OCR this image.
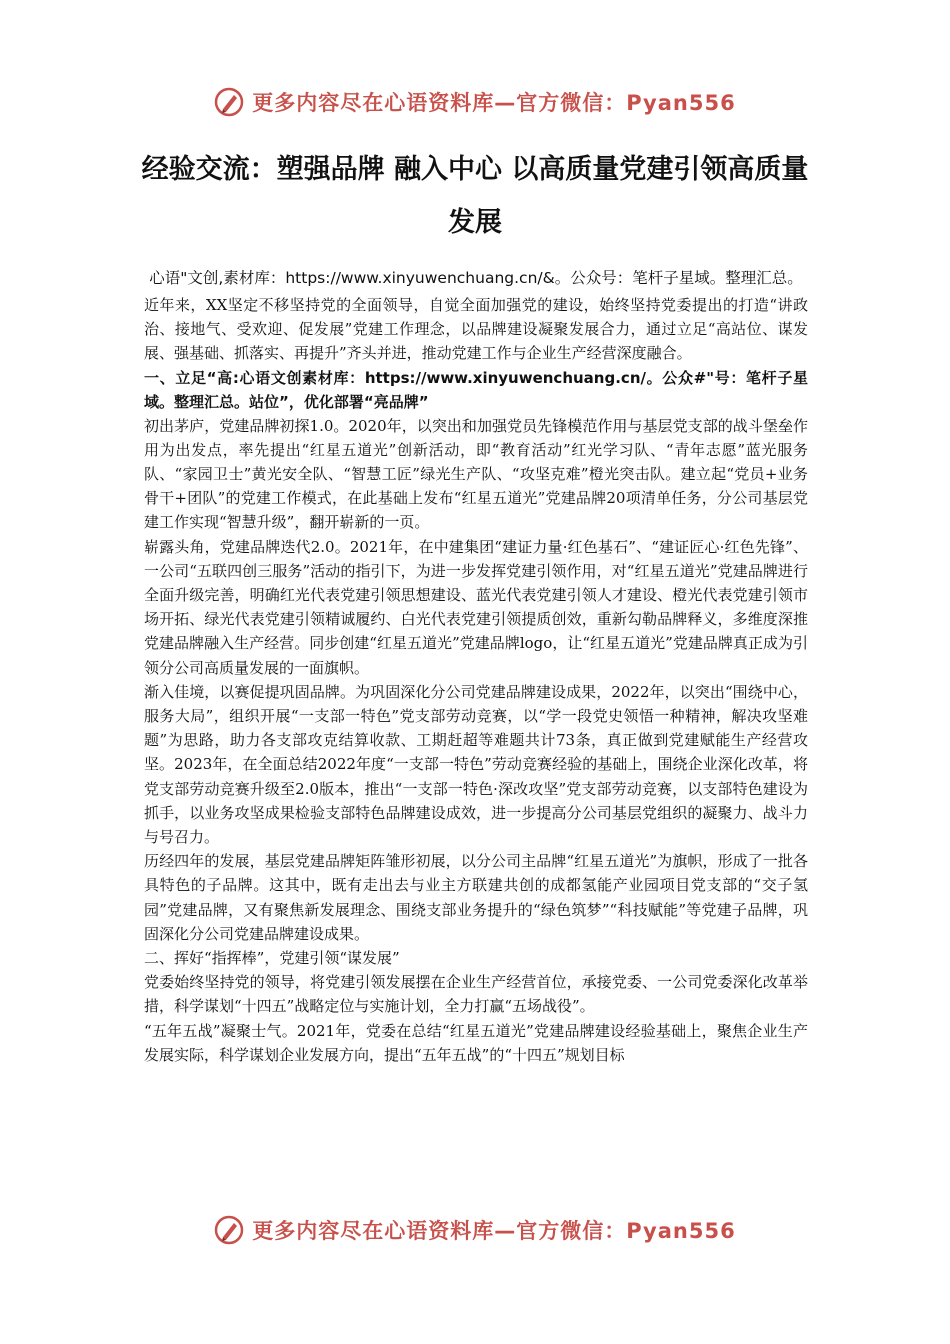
更多内容尽在心语资料库—官方微信：Pyan556
经验交流：塑强品牌 融入中心 以高质量党建引领高质量发展

心语"文创,素材库：https://www.xinyuwenchuang.cn/&。公众号：笔杆子星域。整理汇总。

近年来，XX坚定不移坚持党的全面领导，自觉全面加强党的建设，始终坚持党委提出的打造“讲政治、接地气、受欢迎、促发展”党建工作理念，以品牌建设凝聚发展合力，通过立足“高站位、谋发展、强基础、抓落实、再提升”齐头并进，推动党建工作与企业生产经营深度融合。

一、立足“高:心语文创素材库：https://www.xinyuwenchuang.cn/。公众#"号：笔杆子星域。整理汇总。站位”，优化部署“亮品牌”

初出茅庐，党建品牌初探1.0。2020年，以突出和加强党员先锋模范作用与基层党支部的战斗堡垒作用为出发点，率先提出“红星五道光”创新活动，即“教育活动”红光学习队、“青年志愿”蓝光服务队、“家园卫士”黄光安全队、“智慧工匠”绿光生产队、“攻坚克难”橙光突击队。建立起“党员+业务骨干+团队”的党建工作模式，在此基础上发布“红星五道光”党建品牌20项清单任务，分公司基层党建工作实现“智慧升级”，翻开崭新的一页。

崭露头角，党建品牌迭代2.0。2021年，在中建集团“建证力量·红色基石”、“建证匠心·红色先锋”、一公司“五联四创三服务”活动的指引下，为进一步发挥党建引领作用，对“红星五道光”党建品牌进行全面升级完善，明确红光代表党建引领思想建设、蓝光代表党建引领人才建设、橙光代表党建引领市场开拓、绿光代表党建引领精诚履约、白光代表党建引领提质创效，重新勾勒品牌释义，多维度深推党建品牌融入生产经营。同步创建“红星五道光”党建品牌logo，让“红星五道光”党建品牌真正成为引领分公司高质量发展的一面旗帜。

渐入佳境，以赛促提巩固品牌。为巩固深化分公司党建品牌建设成果，2022年，以突出“围绕中心，服务大局”，组织开展“一支部一特色”党支部劳动竞赛，以“学一段党史领悟一种精神，解决攻坚难题”为思路，助力各支部攻克结算收款、工期赶超等难题共计73条，真正做到党建赋能生产经营攻坚。2023年，在全面总结2022年度“一支部一特色”劳动竞赛经验的基础上，围绕企业深化改革，将党支部劳动竞赛升级至2.0版本，推出“一支部一特色·深改攻坚”党支部劳动竞赛，以支部特色建设为抓手，以业务攻坚成果检验支部特色品牌建设成效，进一步提高分公司基层党组织的凝聚力、战斗力与号召力。

历经四年的发展，基层党建品牌矩阵雏形初展，以分公司主品牌“红星五道光”为旗帜，形成了一批各具特色的子品牌。这其中，既有走出去与业主方联建共创的成都氢能产业园项目党支部的“交子氢园”党建品牌，又有聚焦新发展理念、围绕支部业务提升的“绿色筑梦”“科技赋能”等党建子品牌，巩固深化分公司党建品牌建设成果。

二、挥好“指挥棒”，党建引领“谋发展”

党委始终坚持党的领导，将党建引领发展摆在企业生产经营首位，承接党委、一公司党委深化改革举措，科学谋划“十四五”战略定位与实施计划，全力打赢“五场战役”。

“五年五战”凝聚士气。2021年，党委在总结“红星五道光”党建品牌建设经验基础上，聚焦企业生产发展实际，科学谋划企业发展方向，提出“五年五战”的“十四五”规划目标

更多内容尽在心语资料库—官方微信：Pyan556
